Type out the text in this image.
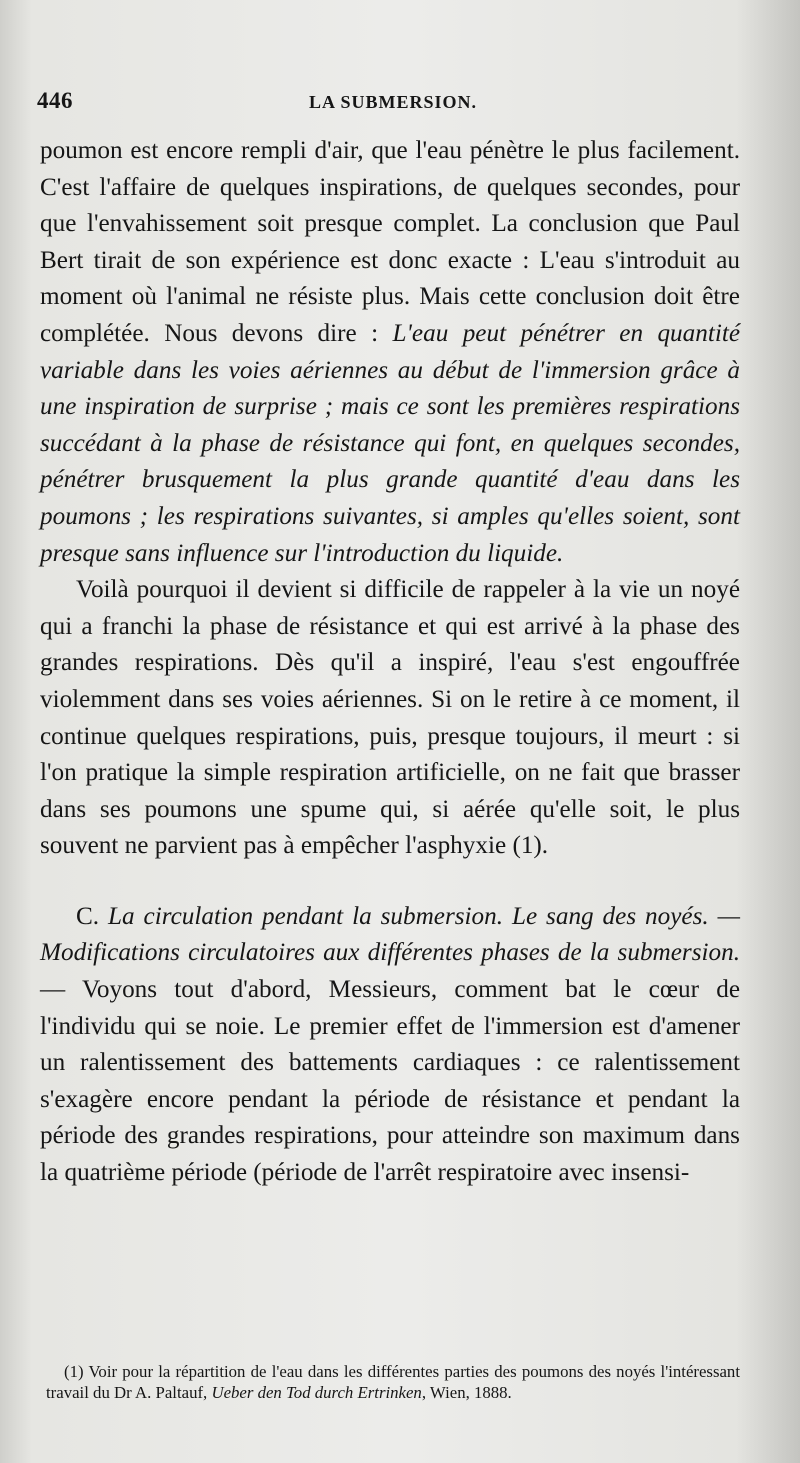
446	LA SUBMERSION.

poumon est encore rempli d'air, que l'eau pénètre le plus facilement. C'est l'affaire de quelques inspirations, de quelques secondes, pour que l'envahissement soit presque complet. La conclusion que Paul Bert tirait de son expérience est donc exacte : L'eau s'introduit au moment où l'animal ne résiste plus. Mais cette conclusion doit être complétée. Nous devons dire : L'eau peut pénétrer en quantité variable dans les voies aériennes au début de l'immersion grâce à une inspiration de surprise ; mais ce sont les premières respirations succédant à la phase de résistance qui font, en quelques secondes, pénétrer brusquement la plus grande quantité d'eau dans les poumons ; les respirations suivantes, si amples qu'elles soient, sont presque sans influence sur l'introduction du liquide.

Voilà pourquoi il devient si difficile de rappeler à la vie un noyé qui a franchi la phase de résistance et qui est arrivé à la phase des grandes respirations. Dès qu'il a inspiré, l'eau s'est engouffrée violemment dans ses voies aériennes. Si on le retire à ce moment, il continue quelques respirations, puis, presque toujours, il meurt : si l'on pratique la simple respiration artificielle, on ne fait que brasser dans ses poumons une spume qui, si aérée qu'elle soit, le plus souvent ne parvient pas à empêcher l'asphyxie (1).

C. La circulation pendant la submersion. Le sang des noyés. — Modifications circulatoires aux différentes phases de la submersion. — Voyons tout d'abord, Messieurs, comment bat le cœur de l'individu qui se noie. Le premier effet de l'immersion est d'amener un ralentissement des battements cardiaques : ce ralentissement s'exagère encore pendant la période de résistance et pendant la période des grandes respirations, pour atteindre son maximum dans la quatrième période (période de l'arrêt respiratoire avec insensi-

(1) Voir pour la répartition de l'eau dans les différentes parties des poumons des noyés l'intéressant travail du Dr A. Paltauf, Ueber den Tod durch Ertrinken, Wien, 1888.
